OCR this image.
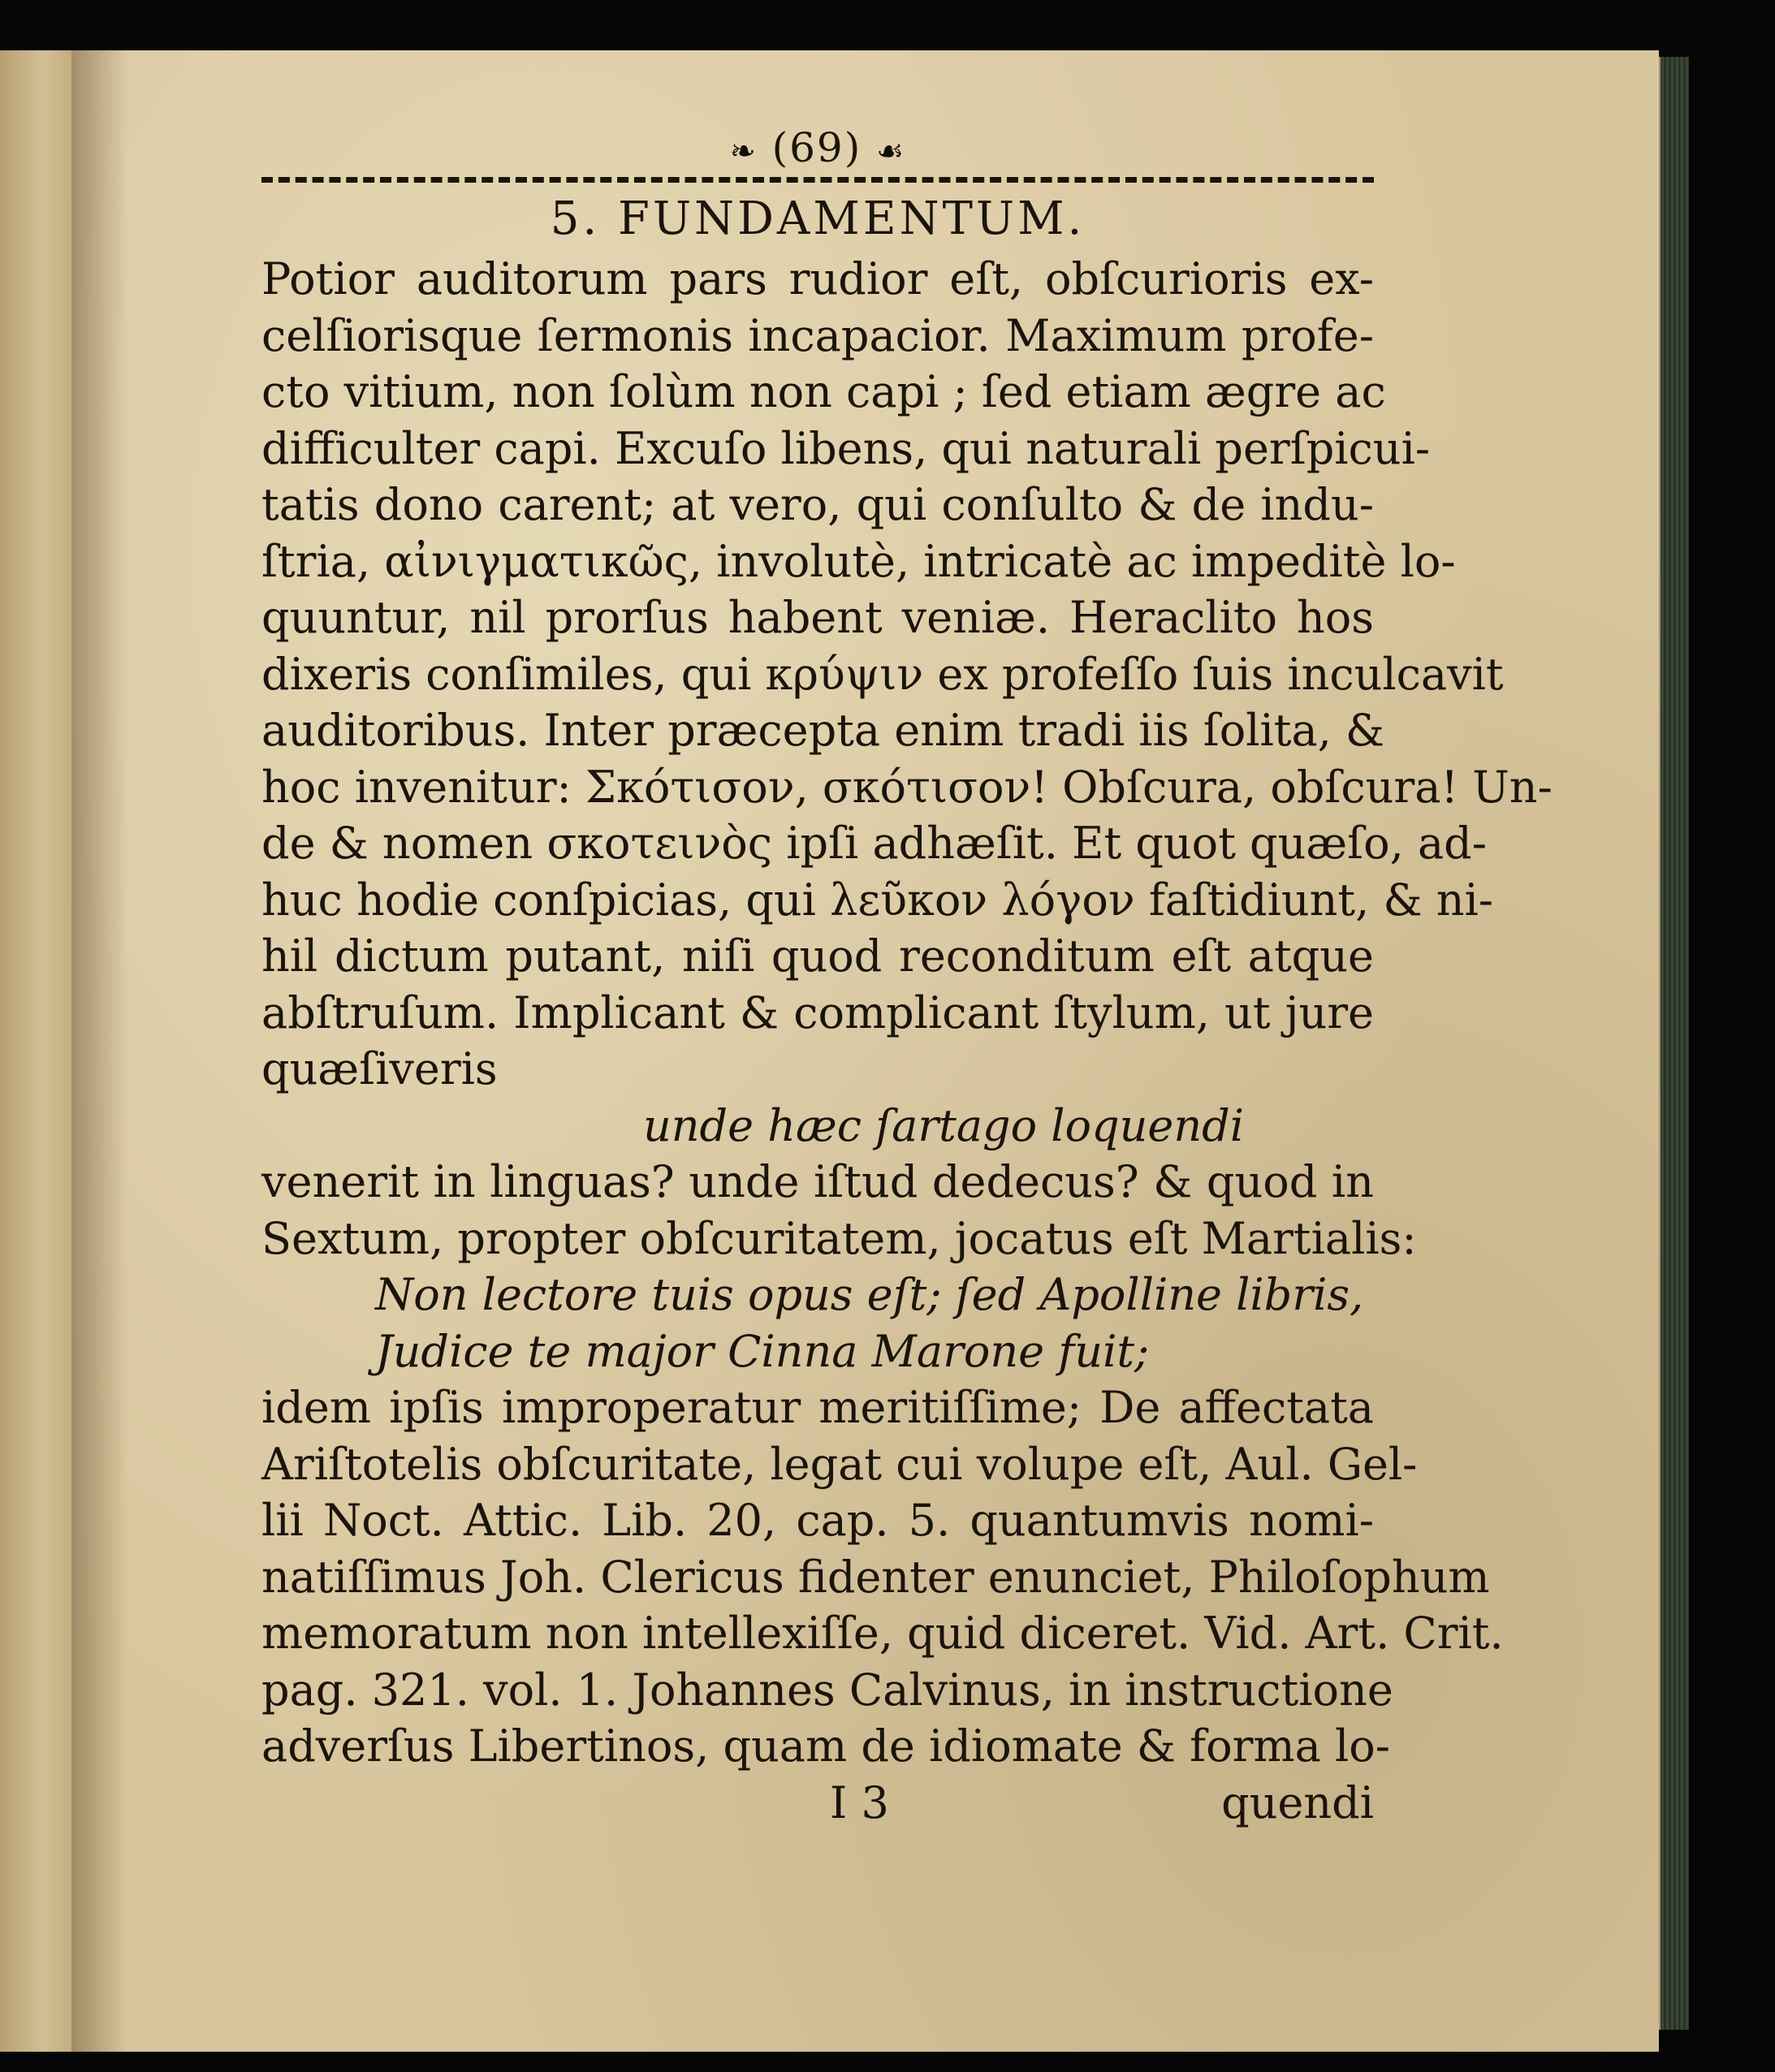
❧ (69) ☙
5. FUNDAMENTUM.
Potior auditorum pars rudior eſt, obſcurioris ex-
celſiorisque ſermonis incapacior. Maximum profe-
cto vitium, non ſolùm non capi ; ſed etiam ægre ac
difficulter capi. Excuſo libens, qui naturali perſpicui-
tatis dono carent; at vero, qui conſulto & de indu-
ſtria, αἰνιγματικῶς, involutè, intricatè ac impeditè lo-
quuntur, nil prorſus habent veniæ. Heraclito hos
dixeris conſimiles, qui κρύψιν ex profeſſo ſuis inculcavit
auditoribus. Inter præcepta enim tradi iis ſolita, &
hoc invenitur: Σκότισον, σκότισον! Obſcura, obſcura! Un-
de & nomen σκοτεινὸς ipſi adhæſit. Et quot quæſo, ad-
huc hodie conſpicias, qui λεῦκον λόγον faſtidiunt, & ni-
hil dictum putant, niſi quod reconditum eſt atque
abſtruſum. Implicant & complicant ſtylum, ut jure
quæſiveris
unde hæc ſartago loquendi
venerit in linguas? unde iſtud dedecus? & quod in
Sextum, propter obſcuritatem, jocatus eſt Martialis:
Non lectore tuis opus eſt; ſed Apolline libris,
Judice te major Cinna Marone fuit;
idem ipſis improperatur meritiſſime; De affectata
Ariſtotelis obſcuritate, legat cui volupe eſt, Aul. Gel-
lii Noct. Attic. Lib. 20, cap. 5. quantumvis nomi-
natiſſimus Joh. Clericus fidenter enunciet, Philoſophum
memoratum non intellexiſſe, quid diceret. Vid. Art. Crit.
pag. 321. vol. 1. Johannes Calvinus, in instructione
adverſus Libertinos, quam de idiomate & forma lo-
I 3	quendi
